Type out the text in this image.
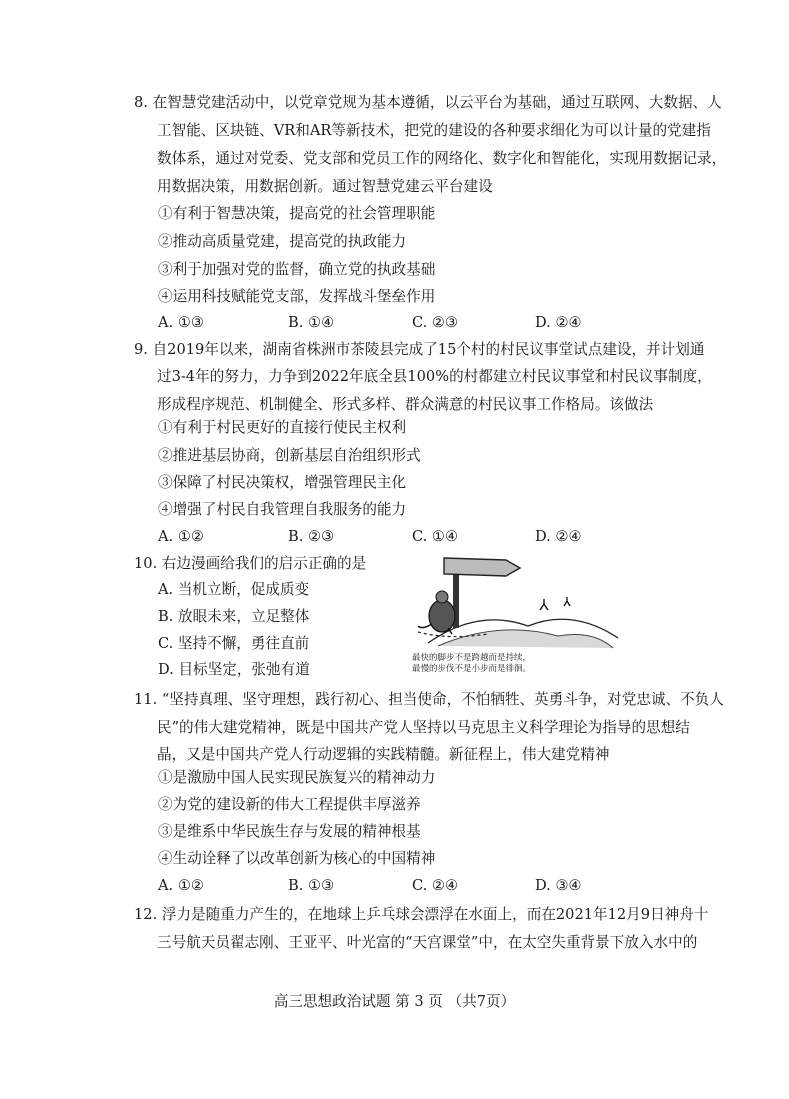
8. 在智慧党建活动中，以党章党规为基本遵循，以云平台为基础，通过互联网、大数据、人
工智能、区块链、VR和AR等新技术，把党的建设的各种要求细化为可以计量的党建指
数体系，通过对党委、党支部和党员工作的网络化、数字化和智能化，实现用数据记录，
用数据决策，用数据创新。通过智慧党建云平台建设
①有利于智慧决策，提高党的社会管理职能
②推动高质量党建，提高党的执政能力
③利于加强对党的监督，确立党的执政基础
④运用科技赋能党支部，发挥战斗堡垒作用
A. ①③	B. ①④	C. ②③	D. ②④
9. 自2019年以来，湖南省株洲市茶陵县完成了15个村的村民议事堂试点建设，并计划通
过3-4年的努力，力争到2022年底全县100%的村都建立村民议事堂和村民议事制度，
形成程序规范、机制健全、形式多样、群众满意的村民议事工作格局。该做法
①有利于村民更好的直接行使民主权利
②推进基层协商，创新基层自治组织形式
③保障了村民决策权，增强管理民主化
④增强了村民自我管理自我服务的能力
A. ①②	B. ②③	C. ①④	D. ②④
10. 右边漫画给我们的启示正确的是
A. 当机立断，促成质变
B. 放眼未来，立足整体
C. 坚持不懈，勇往直前
D. 目标坚定，张弛有道
最快的脚步不是跨越而是持续，
最慢的步伐不是小步而是徘徊。
11. “坚持真理、坚守理想，践行初心、担当使命，不怕牺牲、英勇斗争，对党忠诚、不负人
民”的伟大建党精神，既是中国共产党人坚持以马克思主义科学理论为指导的思想结
晶，又是中国共产党人行动逻辑的实践精髓。新征程上，伟大建党精神
①是激励中国人民实现民族复兴的精神动力
②为党的建设新的伟大工程提供丰厚滋养
③是维系中华民族生存与发展的精神根基
④生动诠释了以改革创新为核心的中国精神
A. ①②	B. ①③	C. ②④	D. ③④
12. 浮力是随重力产生的，在地球上乒乓球会漂浮在水面上，而在2021年12月9日神舟十
三号航天员翟志刚、王亚平、叶光富的“天宫课堂”中，在太空失重背景下放入水中的
高三思想政治试题 第 3 页 （共7页）
